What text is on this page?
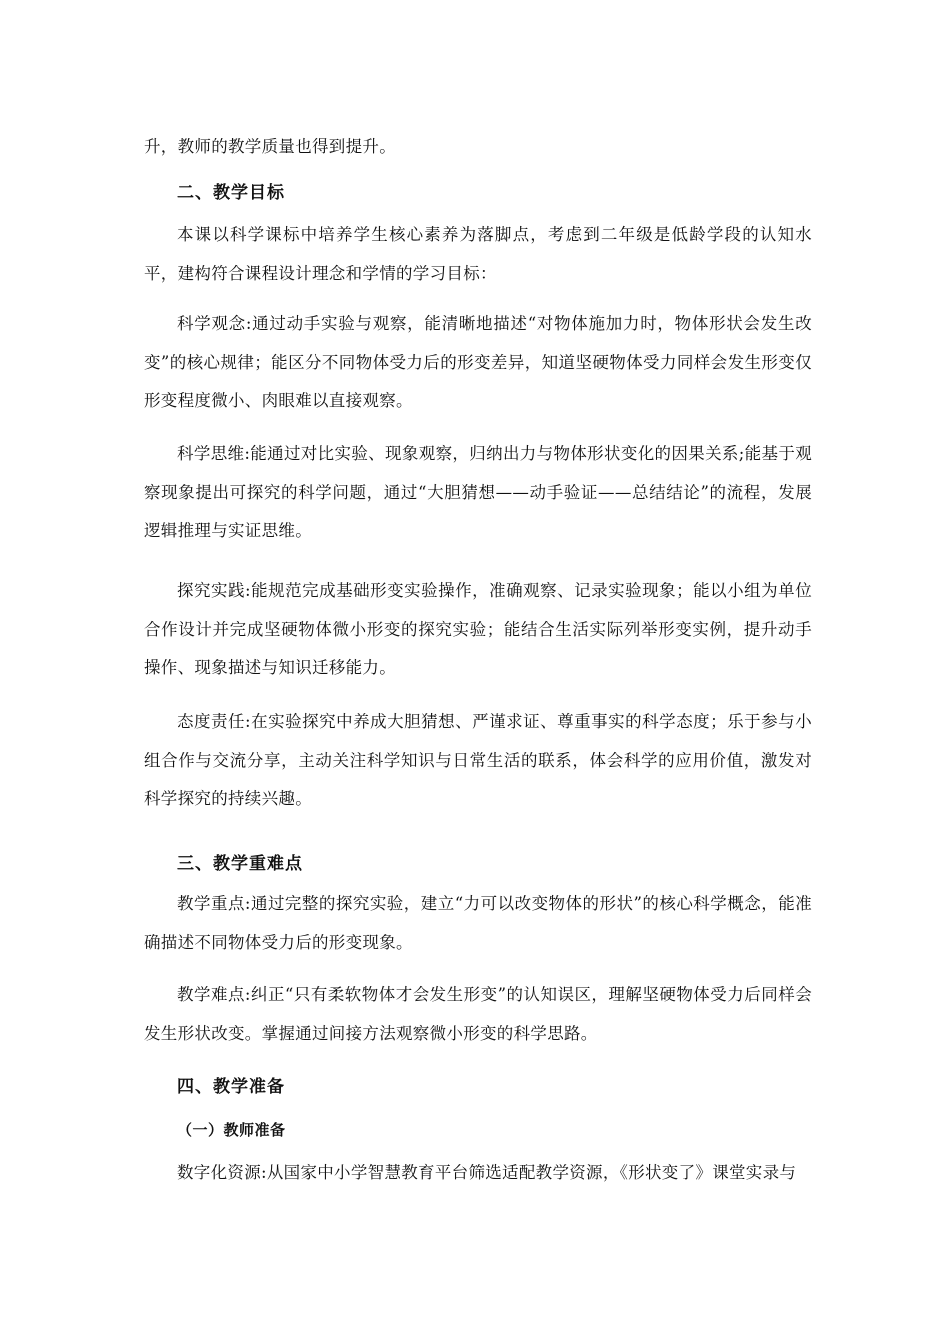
升，教师的教学质量也得到提升。

二、教学目标

本课以科学课标中培养学生核心素养为落脚点，考虑到二年级是低龄学段的认知水平，建构符合课程设计理念和学情的学习目标：

科学观念:通过动手实验与观察，能清晰地描述“对物体施加力时，物体形状会发生改变”的核心规律；能区分不同物体受力后的形变差异，知道坚硬物体受力同样会发生形变仅形变程度微小、肉眼难以直接观察。

科学思维:能通过对比实验、现象观察，归纳出力与物体形状变化的因果关系;能基于观察现象提出可探究的科学问题，通过“大胆猜想——动手验证——总结结论”的流程，发展逻辑推理与实证思维。

探究实践:能规范完成基础形变实验操作，准确观察、记录实验现象；能以小组为单位合作设计并完成坚硬物体微小形变的探究实验；能结合生活实际列举形变实例，提升动手操作、现象描述与知识迁移能力。

态度责任:在实验探究中养成大胆猜想、严谨求证、尊重事实的科学态度；乐于参与小组合作与交流分享，主动关注科学知识与日常生活的联系，体会科学的应用价值，激发对科学探究的持续兴趣。

三、教学重难点

教学重点:通过完整的探究实验，建立“力可以改变物体的形状”的核心科学概念，能准确描述不同物体受力后的形变现象。

教学难点:纠正“只有柔软物体才会发生形变”的认知误区，理解坚硬物体受力后同样会发生形状改变。掌握通过间接方法观察微小形变的科学思路。

四、教学准备
（一）教师准备

数字化资源:从国家中小学智慧教育平台筛选适配教学资源，《形状变了》课堂实录与
